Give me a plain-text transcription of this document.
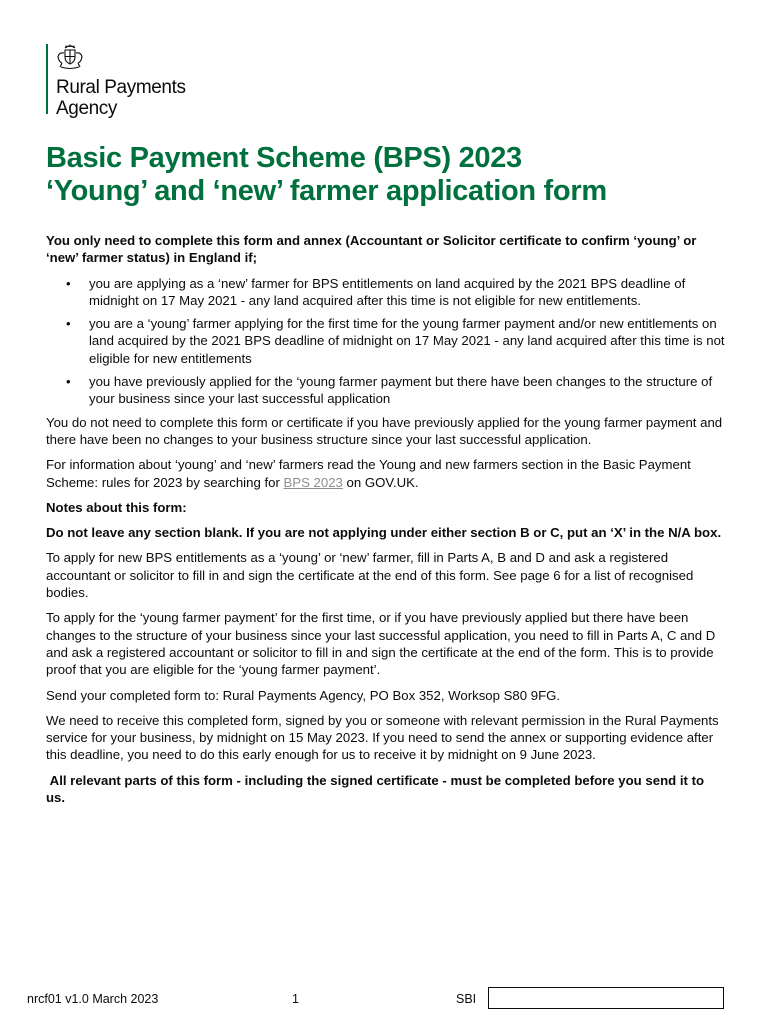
Rural Payments
Agency
Basic Payment Scheme (BPS) 2023
‘Young’ and ‘new’ farmer application form

You only need to complete this form and annex (Accountant or Solicitor certificate to confirm ‘young’ or ‘new’ farmer status) in England if;

• you are applying as a ‘new’ farmer for BPS entitlements on land acquired by the 2021 BPS deadline of midnight on 17 May 2021 - any land acquired after this time is not eligible for new entitlements.
• you are a ‘young’ farmer applying for the first time for the young farmer payment and/or new entitlements on land acquired by the 2021 BPS deadline of midnight on 17 May 2021 - any land acquired after this time is not eligible for new entitlements
• you have previously applied for the ‘young farmer payment but there have been changes to the structure of your business since your last successful application

You do not need to complete this form or certificate if you have previously applied for the young farmer payment and there have been no changes to your business structure since your last successful application.

For information about ‘young’ and ‘new’ farmers read the Young and new farmers section in the Basic Payment Scheme: rules for 2023 by searching for BPS 2023 on GOV.UK.

Notes about this form:

Do not leave any section blank. If you are not applying under either section B or C, put an ‘X’ in the N/A box.

To apply for new BPS entitlements as a ‘young’ or ‘new’ farmer, fill in Parts A, B and D and ask a registered accountant or solicitor to fill in and sign the certificate at the end of this form. See page 6 for a list of recognised bodies.

To apply for the ‘young farmer payment’ for the first time, or if you have previously applied but there have been changes to the structure of your business since your last successful application, you need to fill in Parts A, C and D and ask a registered accountant or solicitor to fill in and sign the certificate at the end of the form. This is to provide proof that you are eligible for the ‘young farmer payment’.

Send your completed form to: Rural Payments Agency, PO Box 352, Worksop S80 9FG.

We need to receive this completed form, signed by you or someone with relevant permission in the Rural Payments service for your business, by midnight on 15 May 2023. If you need to send the annex or supporting evidence after this deadline, you need to do this early enough for us to receive it by midnight on 9 June 2023.

All relevant parts of this form - including the signed certificate - must be completed before you send it to us.

nrcf01 v1.0 March 2023	1	SBI
